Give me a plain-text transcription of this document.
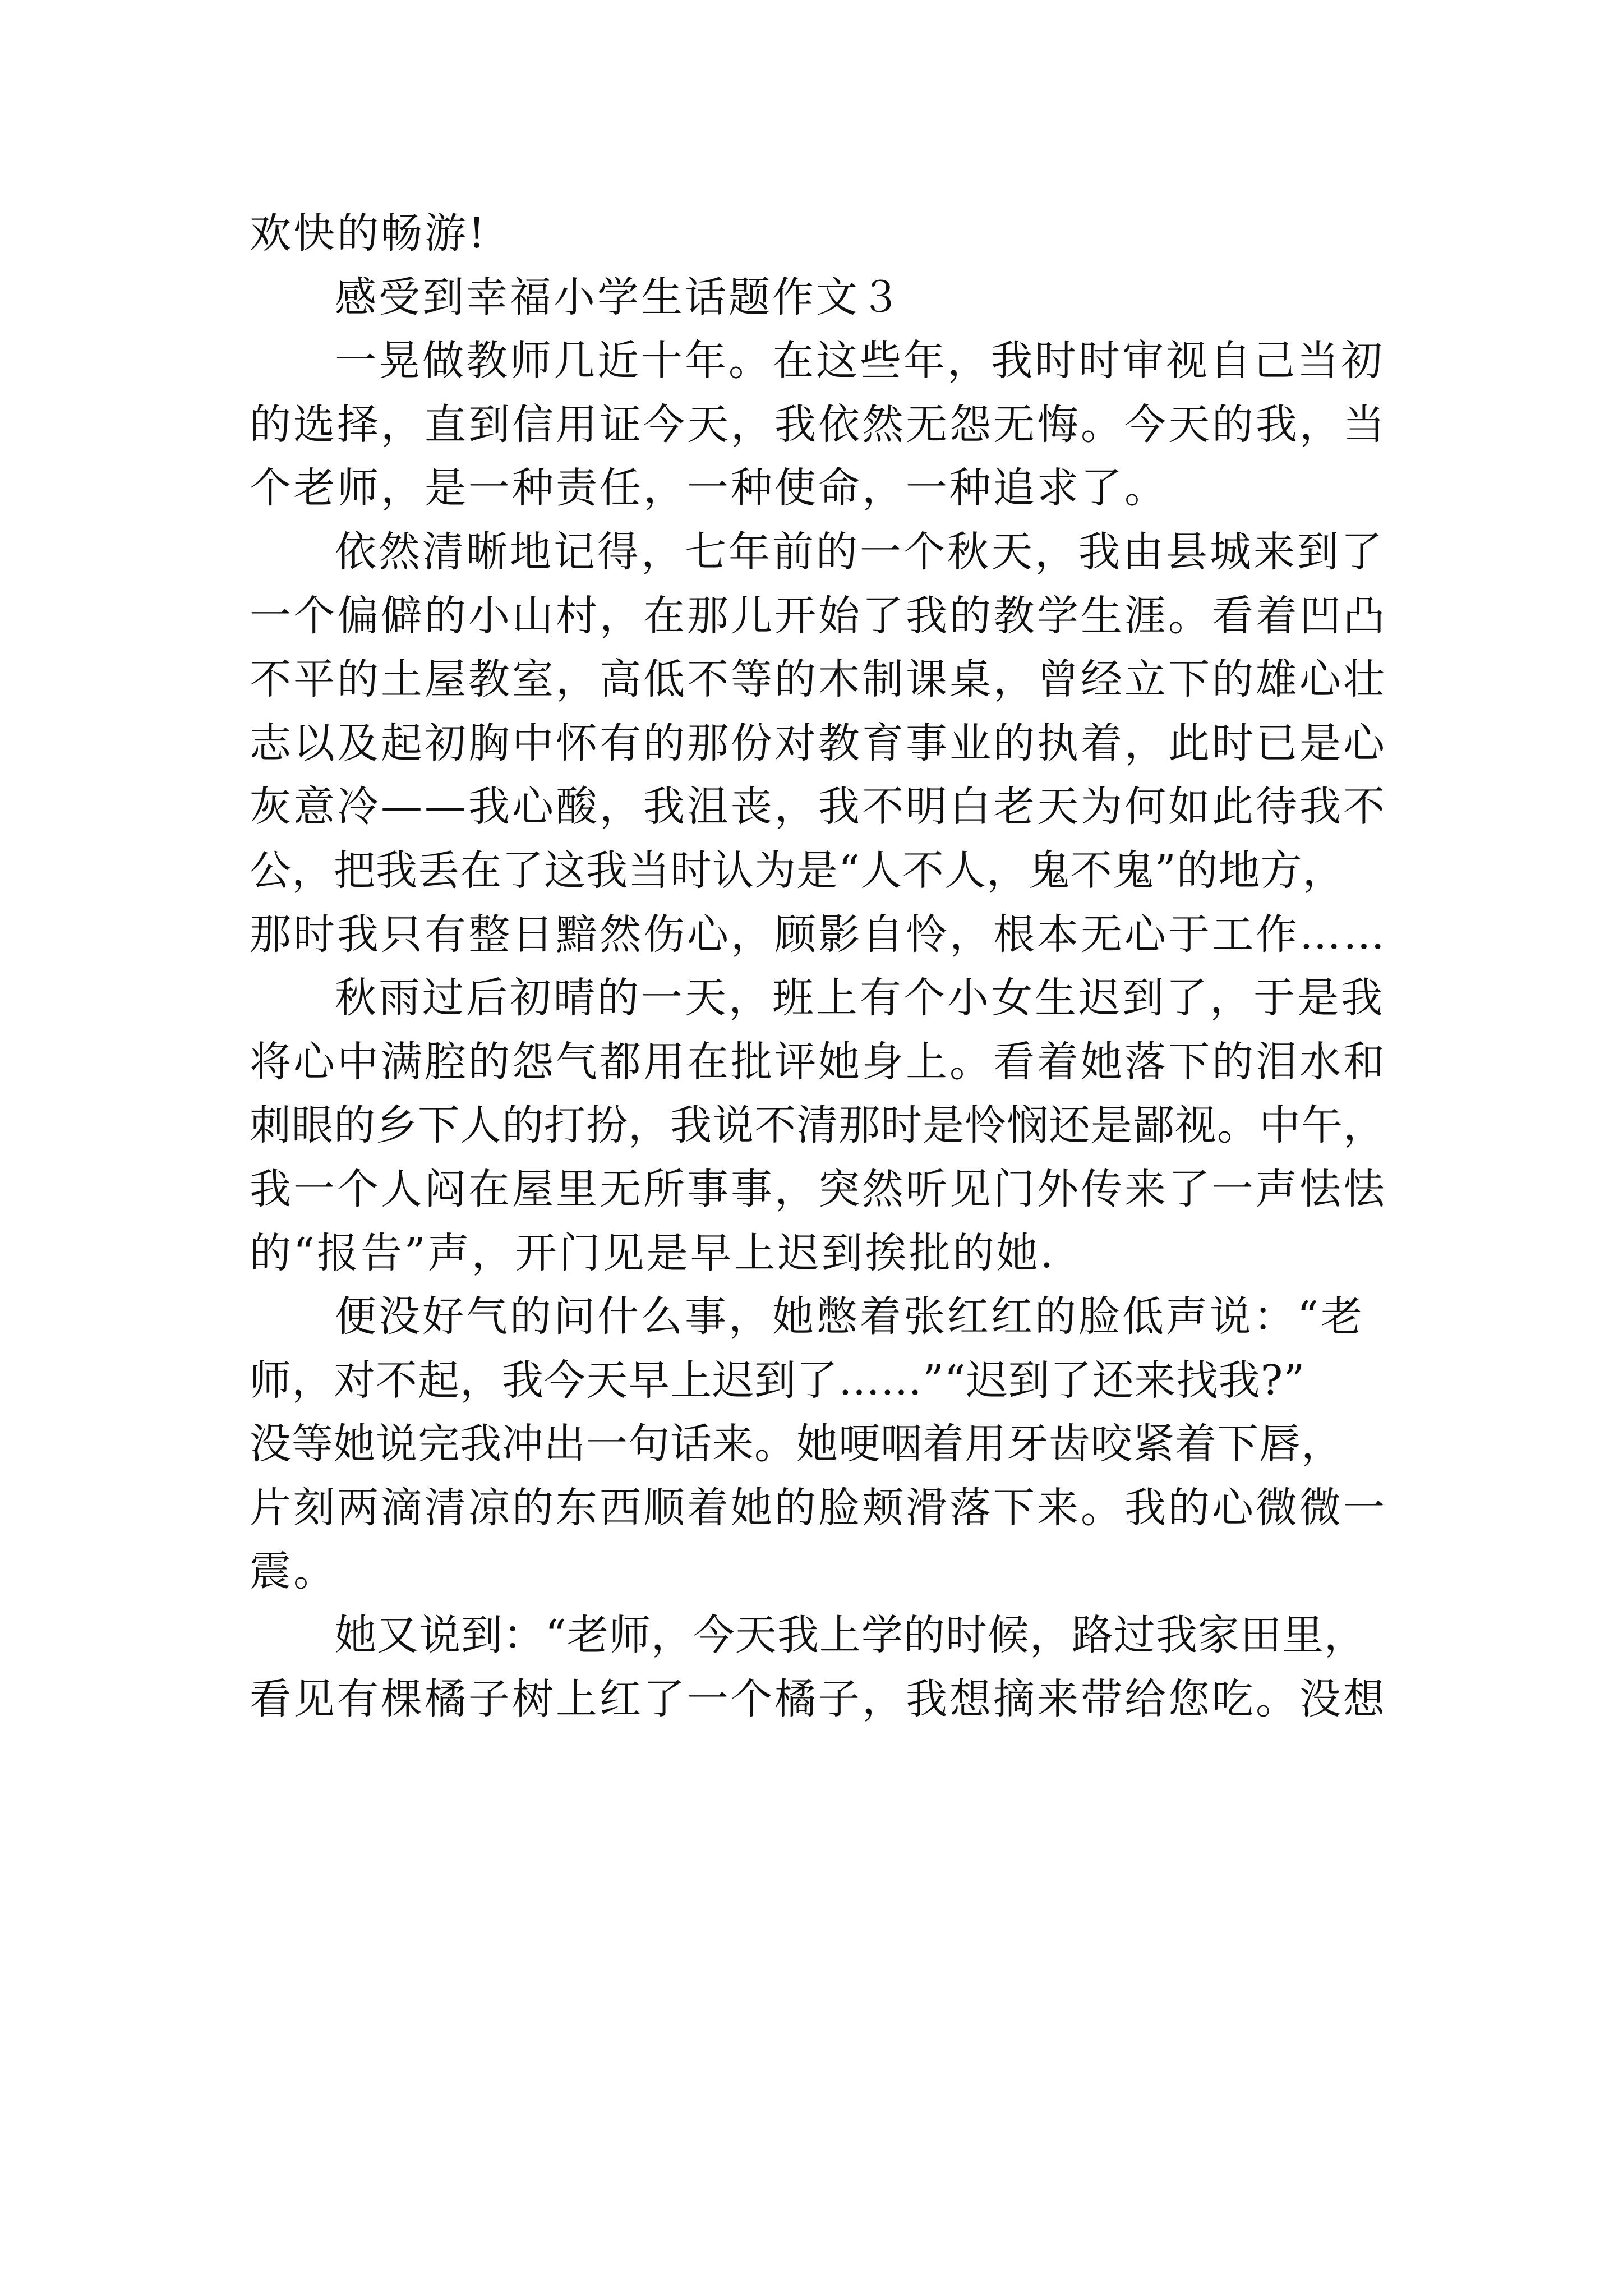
欢快的畅游!
感受到幸福小学生话题作文３
一晃做教师几近十年。在这些年，我时时审视自己当初
的选择，直到信用证今天，我依然无怨无悔。今天的我，当
个老师，是一种责任，一种使命，一种追求了。
依然清晰地记得，七年前的一个秋天，我由县城来到了
一个偏僻的小山村，在那儿开始了我的教学生涯。看着凹凸
不平的土屋教室，高低不等的木制课桌，曾经立下的雄心壮
志以及起初胸中怀有的那份对教育事业的执着，此时已是心
灰意冷——我心酸，我沮丧，我不明白老天为何如此待我不
公，把我丢在了这我当时认为是“人不人，鬼不鬼”的地方，
那时我只有整日黯然伤心，顾影自怜，根本无心于工作……
秋雨过后初晴的一天，班上有个小女生迟到了，于是我
将心中满腔的怨气都用在批评她身上。看着她落下的泪水和
刺眼的乡下人的打扮，我说不清那时是怜悯还是鄙视。中午，
我一个人闷在屋里无所事事，突然听见门外传来了一声怯怯
的“报告”声，开门见是早上迟到挨批的她.
便没好气的问什么事，她憋着张红红的脸低声说：“老
师，对不起，我今天早上迟到了……”“迟到了还来找我?”
没等她说完我冲出一句话来。她哽咽着用牙齿咬紧着下唇，
片刻两滴清凉的东西顺着她的脸颊滑落下来。我的心微微一
震。
她又说到：“老师，今天我上学的时候，路过我家田里，
看见有棵橘子树上红了一个橘子，我想摘来带给您吃。没想
